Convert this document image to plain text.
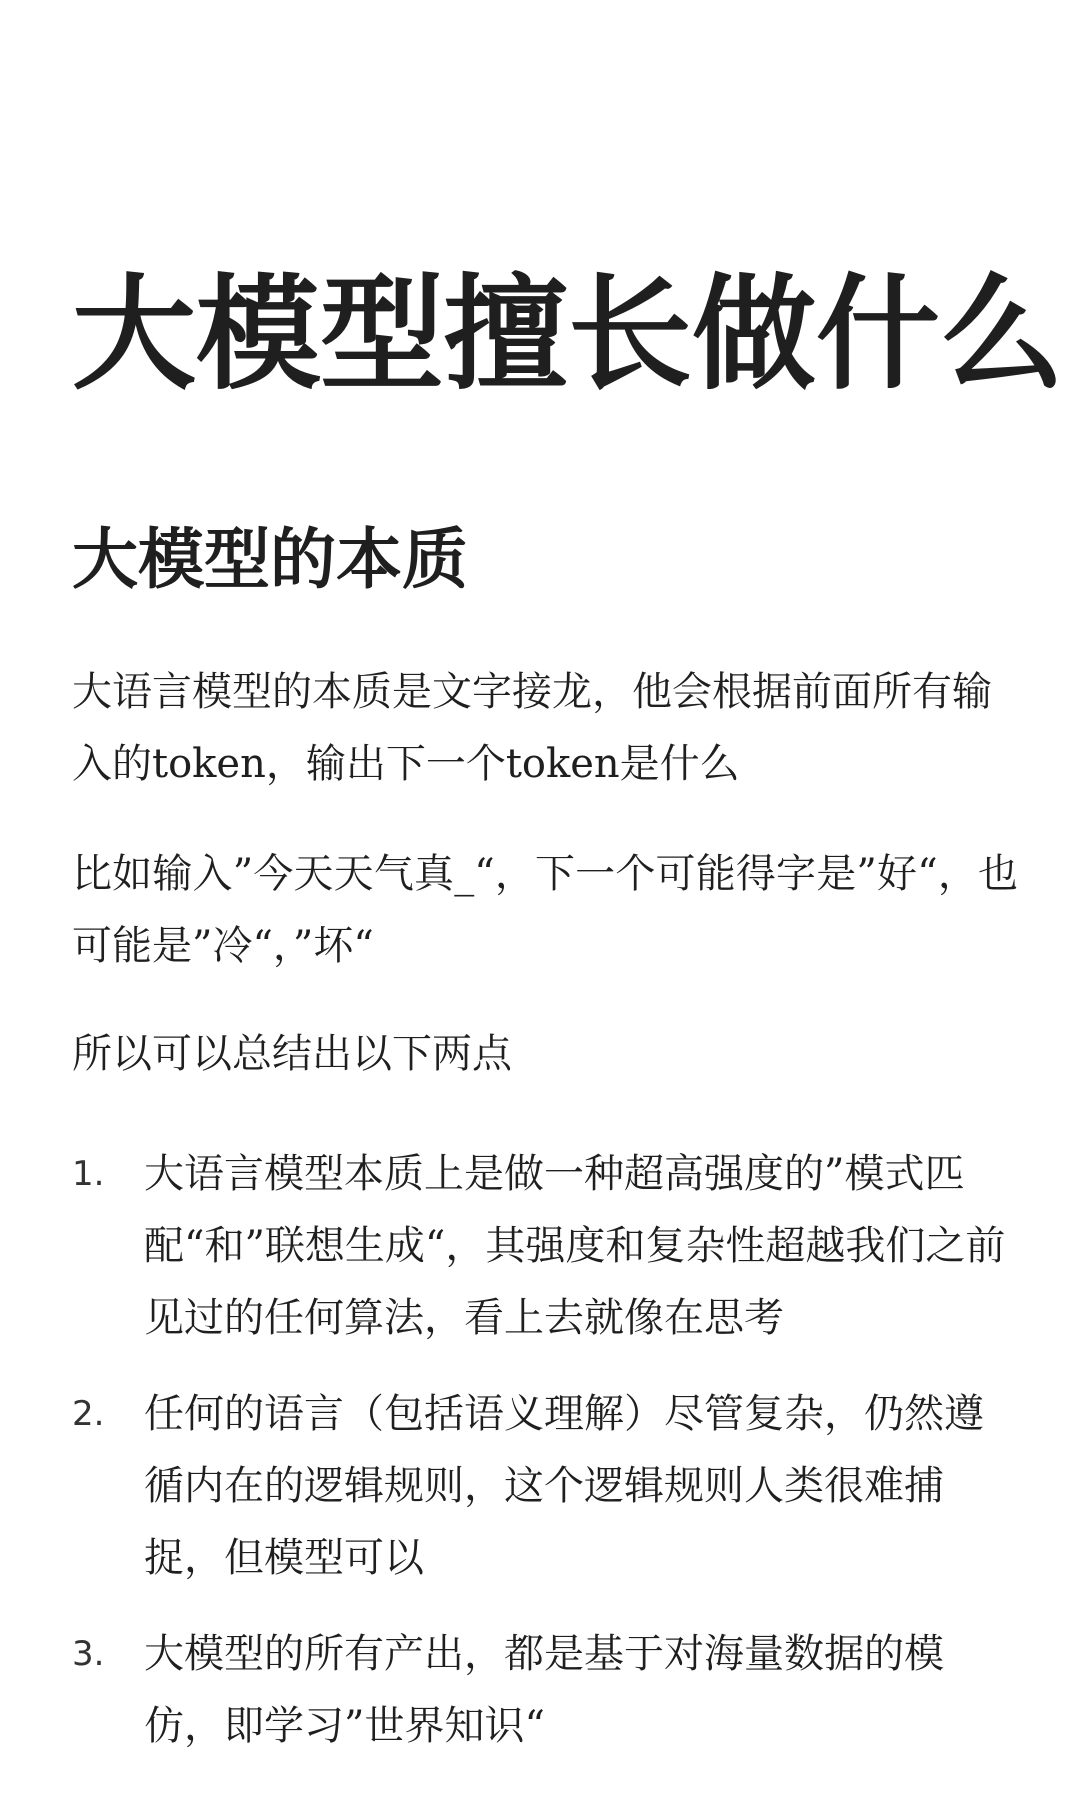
大模型擅长做什么
大模型的本质

大语言模型的本质是文字接龙，他会根据前面所有输入的token，输出下一个token是什么

比如输入”今天天气真_“，下一个可能得字是”好“，也可能是”冷“，”坏“

所以可以总结出以下两点

1. 大语言模型本质上是做一种超高强度的”模式匹配“和”联想生成“，其强度和复杂性超越我们之前见过的任何算法，看上去就像在思考
2. 任何的语言（包括语义理解）尽管复杂，仍然遵循内在的逻辑规则，这个逻辑规则人类很难捕捉，但模型可以
3. 大模型的所有产出，都是基于对海量数据的模仿，即学习”世界知识“
